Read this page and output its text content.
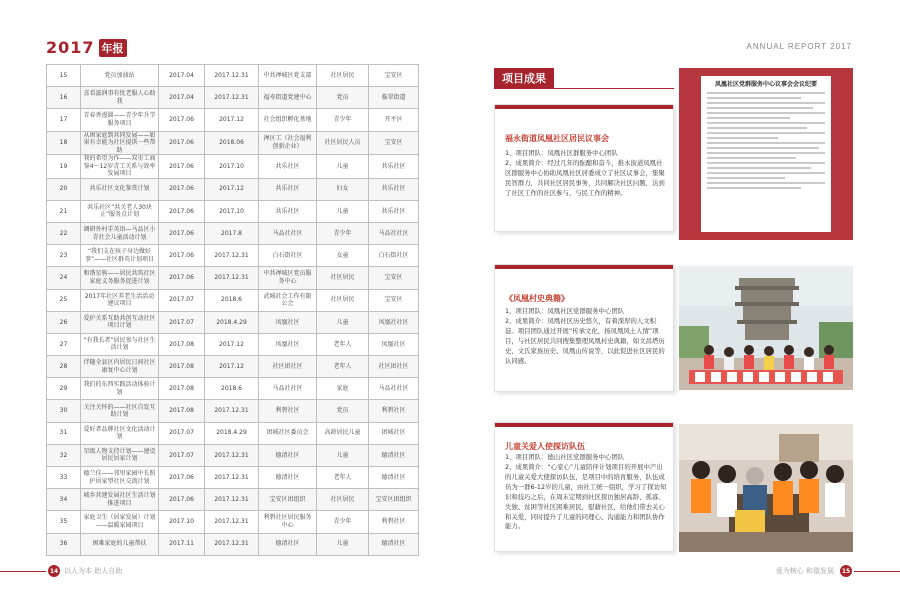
2017 年报	ANNUAL REPORT 2017
15	党员加油站	2017.04	2017.12.31	中共禅城区党支部	社区居民	宝安区
16	喜看滋润事有忧老服人心助我	2017.04	2017.12.31	福寿街道党建中心	党员	临翠街道
17	青春香漫圆——青少年升学服务项目	2017.06	2017.12	社会组织孵化基地	青少年	开平区
18	从困家庭到共同发展——如果有幸能为社区提供一些帮助	2017.06	2018.06	禅区工（社会福利创新企业）	社区居民人员	宝安区
19	我的希望为作——双重工商鉴4～12岁青工关系与效率发展项目	2017.06	2017.10	共乐社区	儿童	共乐社区
20	共乐社区文化鉴赏计划	2017.06	2017.12	共乐社区	妇女	共乐社区
21	共乐社区“共关老人30块正”服务点计划	2017.06	2017.10	共乐社区	儿童	共乐社区
22	调研外村手英语—马品区小青社会儿童活动计划	2017.06	2017.8	马品社社区	青少年	马品社社区
23	“我们支在孩子身边做好事”——社区群英计划项目	2017.06	2017.12.31	白石街社区	女童	白石街社区
24	和谐星驹——居民共筑社区家庭义务服务促进计划	2017.06	2017.12.31	中共禅城区党员服务中心	社区居民	宝安区
25	2017年社区养老生活活动建议项目	2017.07	2018.6	武城社会工作有限公会	社区居民	宝安区
26	爱护关系互助共创互动社区项目计划	2017.07	2018.4.29	凤凰社区	儿童	凤凰社社区
27	“有我长者”居民参与社区生活计划	2017.08	2017.12	凤凰社区	老年人	凤凰社区
28	伴随全县区内居民日间社区康复中心计划	2017.08	2017.12	社区团社区	老年人	社区团社区
29	我们的东西实践活动体验计划	2017.08	2018.6	马品社社区	家庭	马品社社区
30	关注关怀的——社区自发互助计划	2017.08	2017.12.31	利碧社区	党员	利碧社区
31	爱好者品牌社区文化活动计划	2017.07	2018.4.29	团城社区委员会	高龄居民儿童	团城社区
32	星级人物支持计划——建设居民居家计划	2017.07	2017.12.31	德清社区	儿童	德清社区
33	德兰佳——邻里家园中长照护居家型社区交流计划	2017.06	2017.12.31	德清社区	老年人	德清社区
34	城乡共建发展社区生活计划推进项目	2017.06	2017.12.31	宝安区团组织	社区居民	宝安区团组织
35	家庭卫生（居家发展）计划——温暖家园项目	2017.10	2017.12.31	利碧社区居民服务中心	青少年	利碧社区
36	困难家庭的儿童帮扶	2017.11	2017.12.31	德清社区	儿童	德清社区
项目成果
福永街道凤凰社区居民议事会

1、项目团队：凤凰社区群服务中心团队

2、成果简介：经过几年的酝酿和奋斗，推永街道凤凰社区群服务中心协助凤凰社区居委成立了社区议事会，集聚民智群力，共同社区居民事务，共同解决社区问题，达到了社区工作的社区参与、与民工作的精神。

凤凰社区党群服务中心议事会会议纪要
《凤凰村史典籍》

1、项目团队：凤凰社区党群服务中心团队

2、成果简介：凤凰社区历史悠久，有着深厚的人文积淀。项目团队通过开展“传承文化，扬凤凰风土人情”项目，与社区居民共同搜集整理凤凰村史典籍，如文昌塔历史、文氏家族历史、凤凰山传说等，以此促进社区居民的认同感。

儿童关爱人使探访队伍

1、项目团队：德山社区党群服务中心团队

2、成果简介：“心家心”儿童陪伴计划项目的开展中产出的儿童关爱大使探访队伍，是项目中的培育服务，队伍成员为一群6-12岁的儿童，由社工统一组织，学习了探访知识和技巧之后，在周末定期到社区探访独居高龄、孤寡、失独、贫困等社区困难居民，慰藉社区，给他们带去关心和关爱，同时提升了儿童的同理心、沟通能力和团队协作能力。

14 以人为本 助人自助	爱为核心 和谐发展	15
